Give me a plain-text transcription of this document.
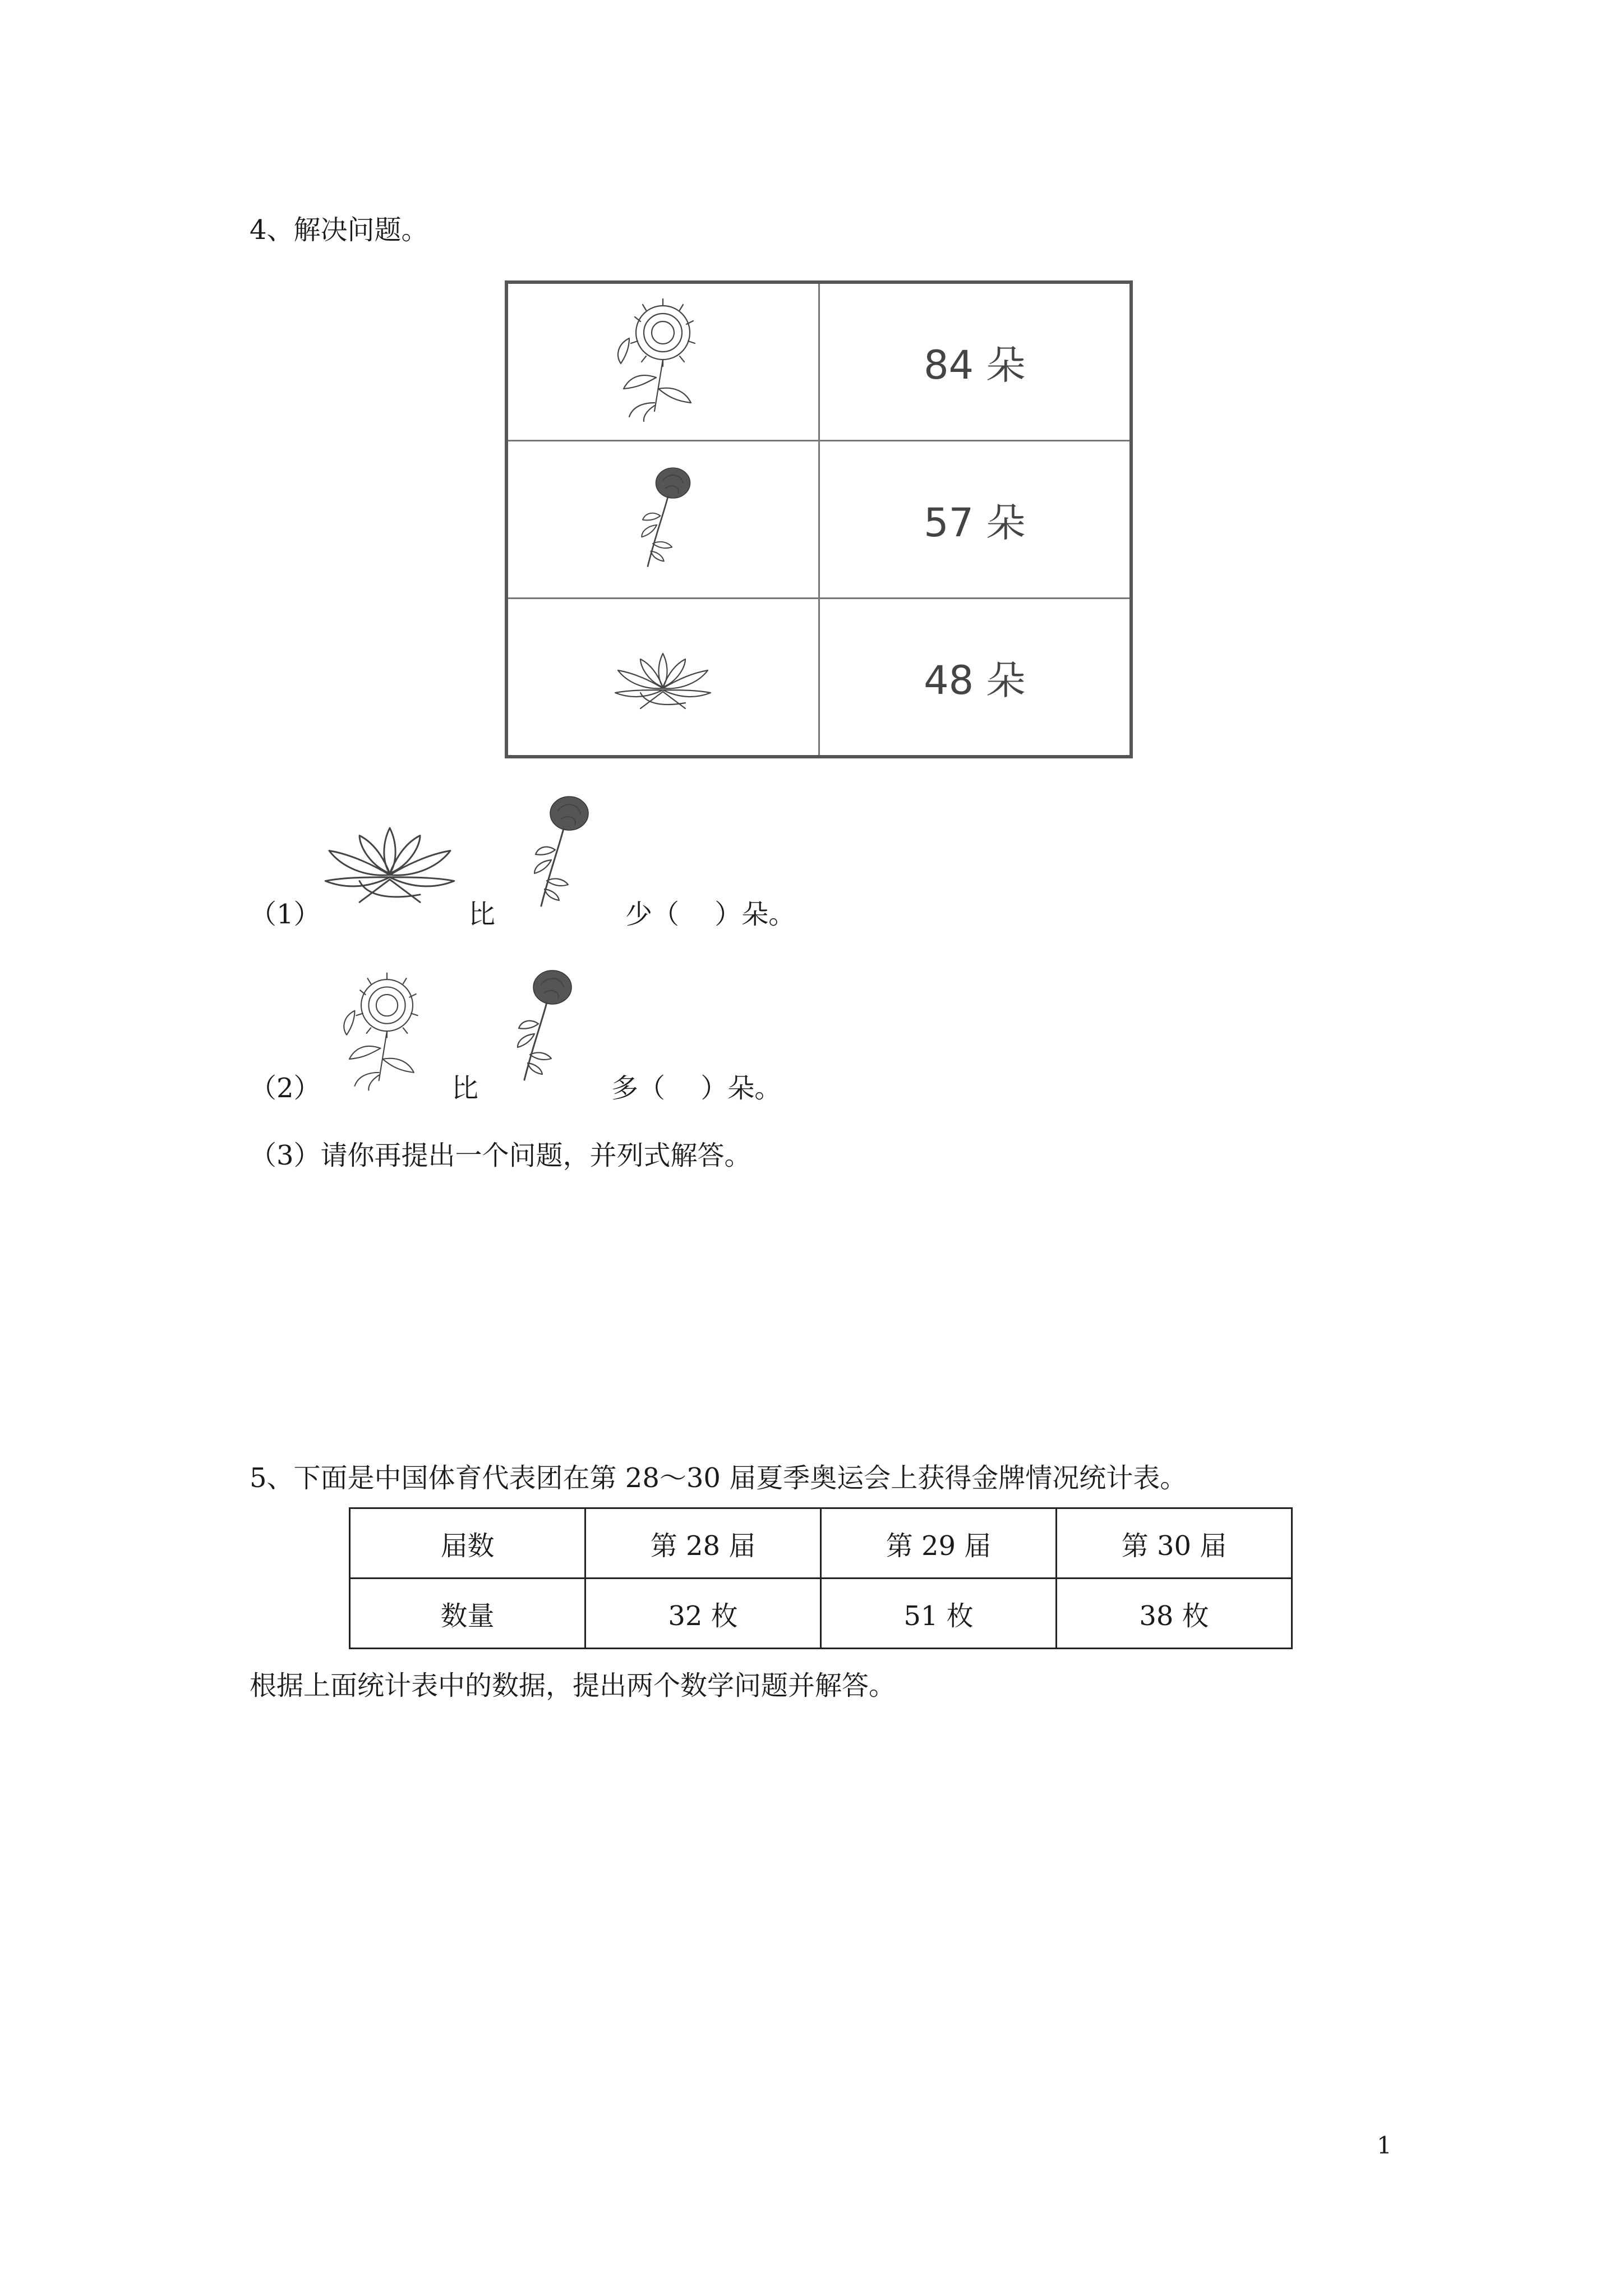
4、解决问题。
	84 朵
	57 朵
	48 朵
（1）	比	少（　 ）朵。
（2）	比	多（　 ）朵。
（3）请你再提出一个问题，并列式解答。
5、下面是中国体育代表团在第 28～30 届夏季奥运会上获得金牌情况统计表。
届数	第 28 届	第 29 届	第 30 届
数量	32 枚	51 枚	38 枚
根据上面统计表中的数据，提出两个数学问题并解答。
1
